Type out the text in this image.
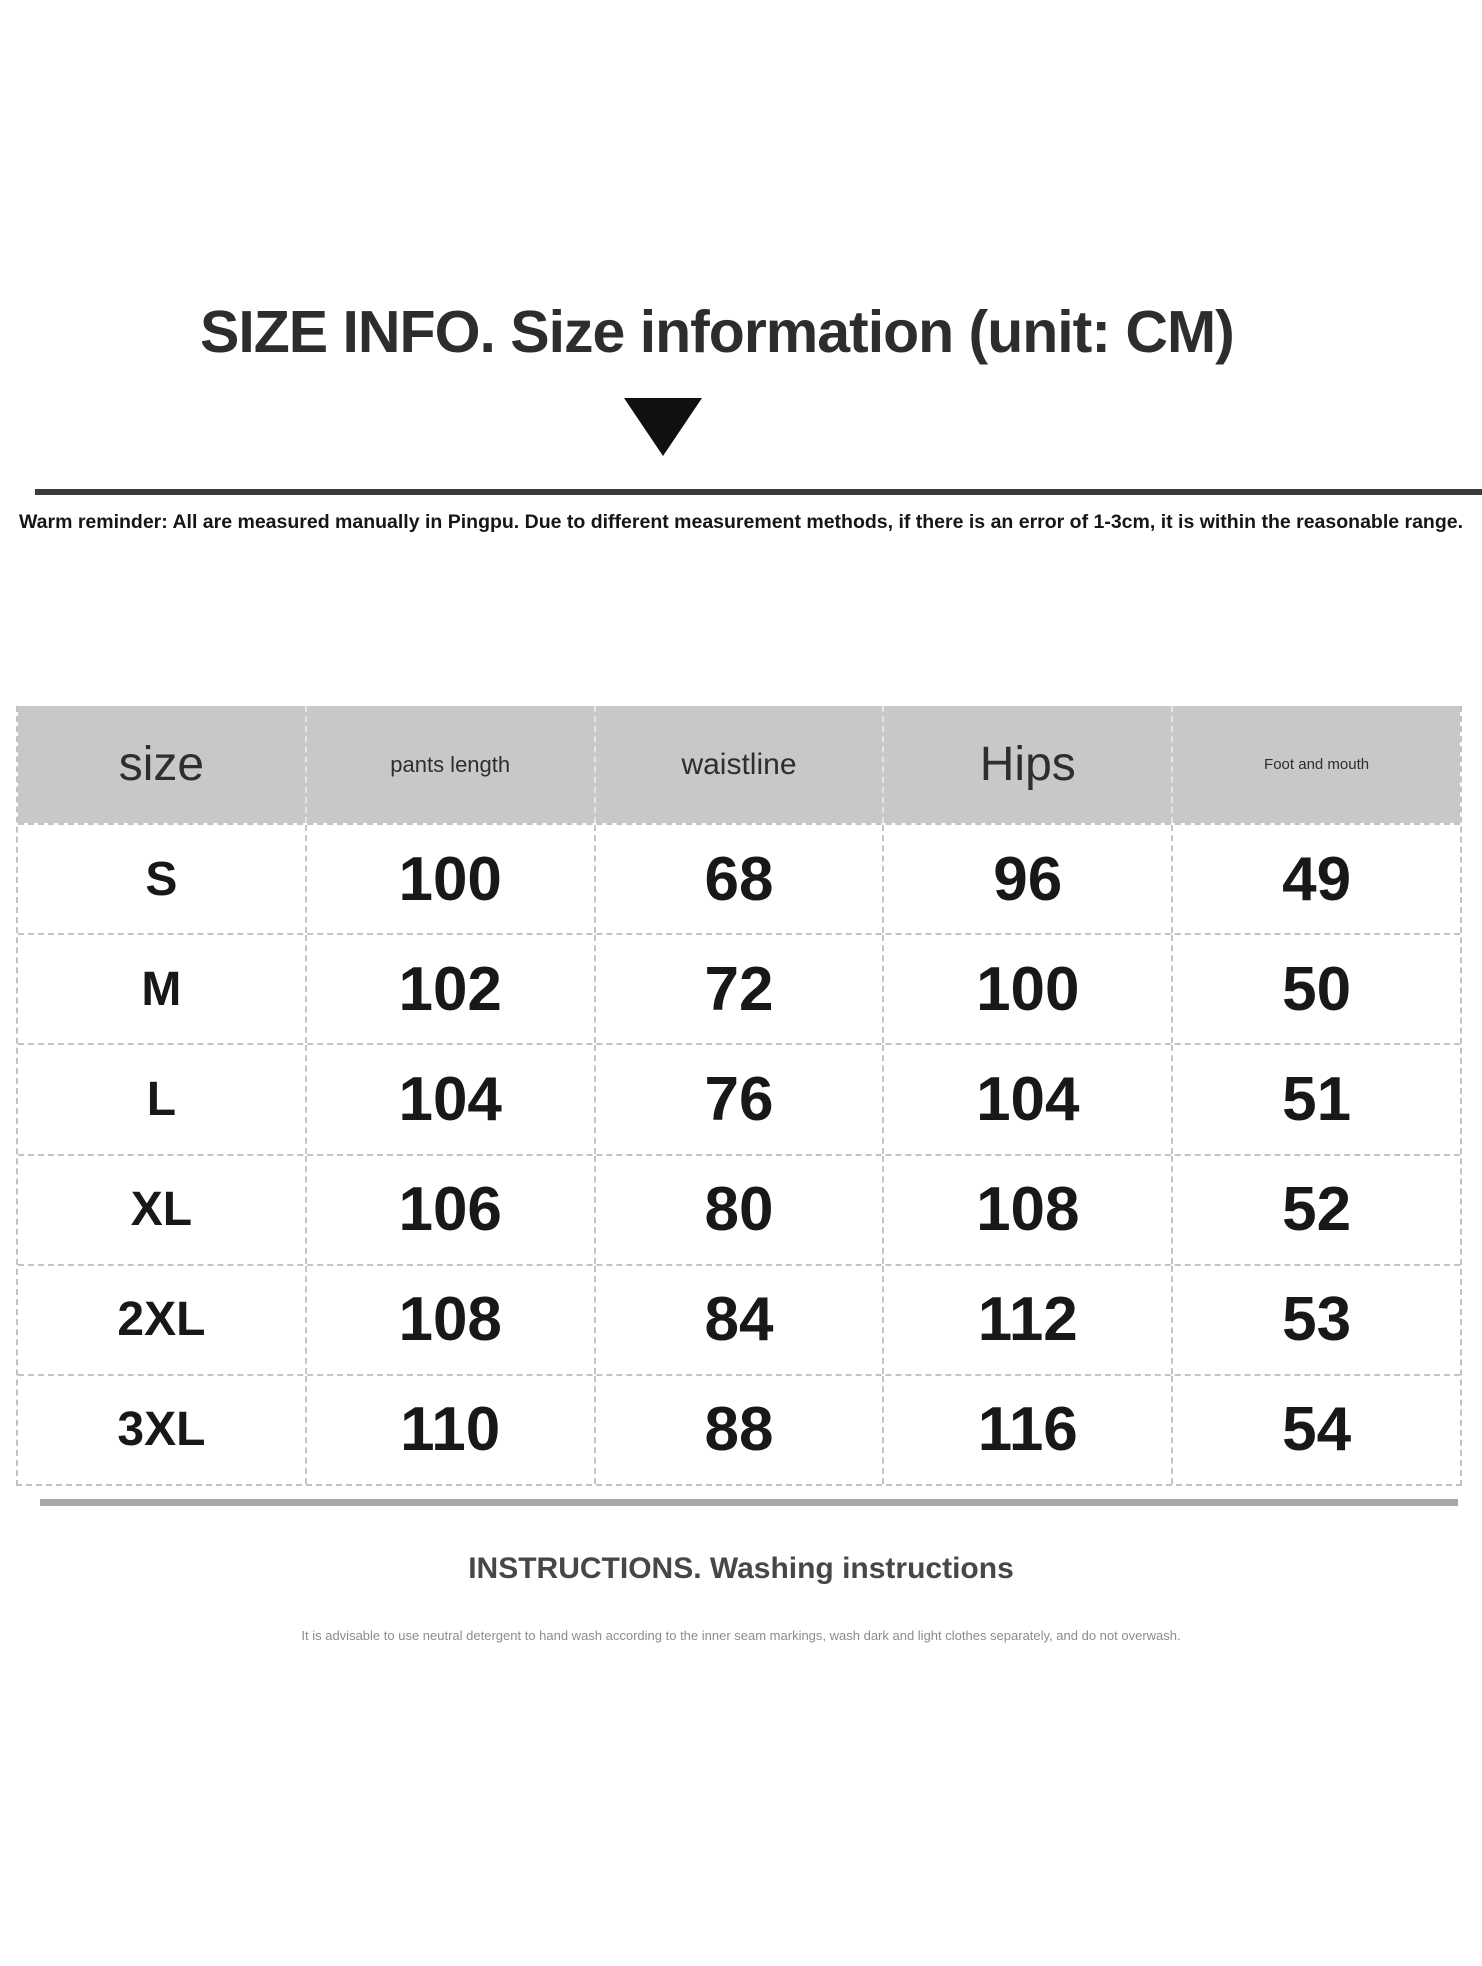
SIZE INFO. Size information (unit: CM)
Warm reminder: All are measured manually in Pingpu. Due to different measurement methods, if there is an error of 1-3cm, it is within the reasonable range.
size	pants length	waistline	Hips	Foot and mouth
S	100	68	96	49
M	102	72	100	50
L	104	76	104	51
XL	106	80	108	52
2XL	108	84	112	53
3XL	110	88	116	54
INSTRUCTIONS. Washing instructions
It is advisable to use neutral detergent to hand wash according to the inner seam markings, wash dark and light clothes separately, and do not overwash.
